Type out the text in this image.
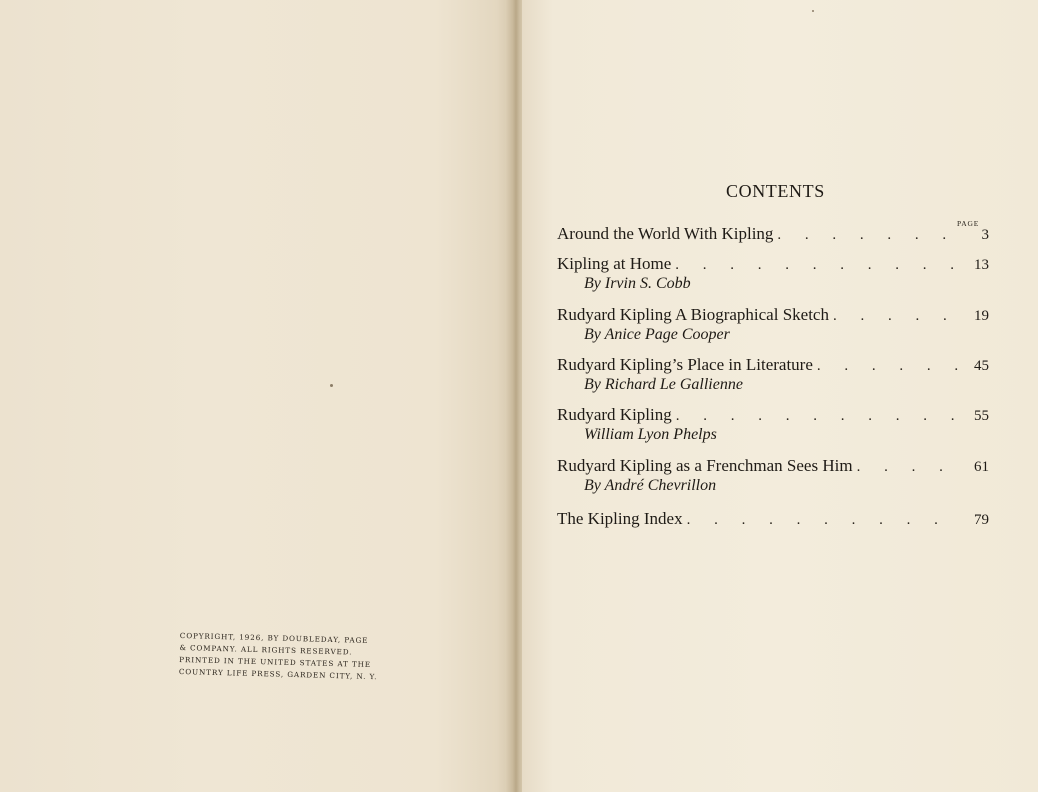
COPYRIGHT, 1926, BY DOUBLEDAY, PAGE
& COMPANY. ALL RIGHTS RESERVED.
PRINTED IN THE UNITED STATES AT THE
COUNTRY LIFE PRESS, GARDEN CITY, N. Y.
CONTENTS
PAGE
Around the World With Kipling . . .	3
Kipling at Home . . .	13
By Irvin S. Cobb
Rudyard Kipling A Biographical Sketch . . .	19
By Anice Page Cooper
Rudyard Kipling’s Place in Literature . . .	45
By Richard Le Gallienne
Rudyard Kipling . . .	55
William Lyon Phelps
Rudyard Kipling as a Frenchman Sees Him . . .	61
By André Chevrillon
The Kipling Index . . .	79
